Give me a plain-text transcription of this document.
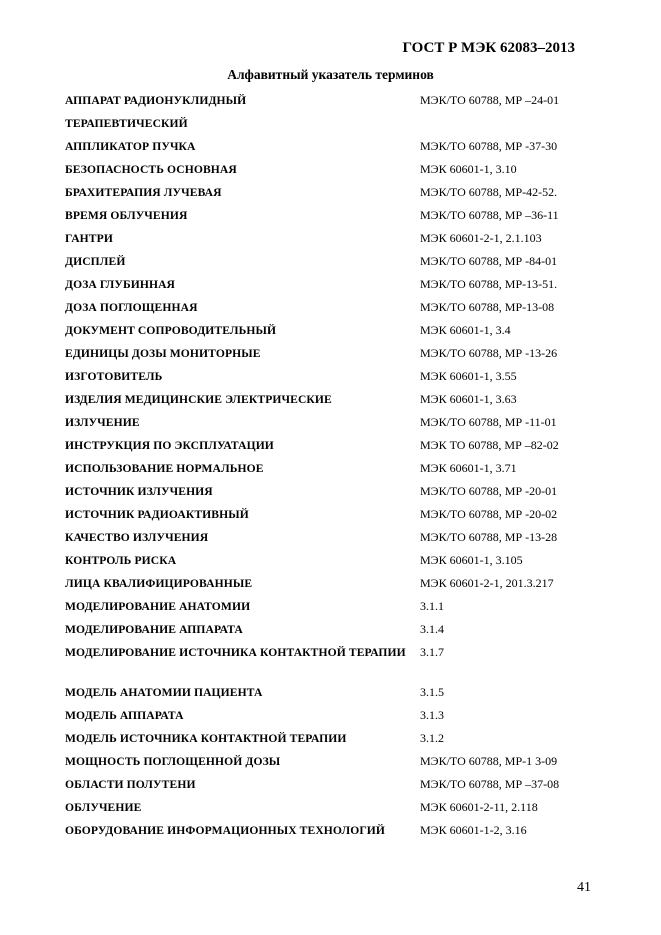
ГОСТ Р МЭК 62083–2013
Алфавитный указатель терминов
АППАРАТ РАДИОНУКЛИДНЫЙ	МЭК/ТО 60788, МР –24-01
ТЕРАПЕВТИЧЕСКИЙ
АППЛИКАТОР ПУЧКА	МЭК/ТО 60788, МР -37-30
БЕЗОПАСНОСТЬ ОСНОВНАЯ	МЭК 60601-1, 3.10
БРАХИТЕРАПИЯ ЛУЧЕВАЯ	МЭК/ТО 60788, МР-42-52.
ВРЕМЯ ОБЛУЧЕНИЯ	МЭК/ТО 60788, МР –36-11
ГАНТРИ	МЭК 60601-2-1, 2.1.103
ДИСПЛЕЙ	МЭК/ТО 60788, МР -84-01
ДОЗА ГЛУБИННАЯ	МЭК/ТО 60788, МР-13-51.
ДОЗА ПОГЛОЩЕННАЯ	МЭК/ТО 60788, МР-13-08
ДОКУМЕНТ СОПРОВОДИТЕЛЬНЫЙ	МЭК 60601-1, 3.4
ЕДИНИЦЫ ДОЗЫ МОНИТОРНЫЕ	МЭК/ТО 60788, МР -13-26
ИЗГОТОВИТЕЛЬ	МЭК 60601-1, 3.55
ИЗДЕЛИЯ МЕДИЦИНСКИЕ ЭЛЕКТРИЧЕСКИЕ	МЭК 60601-1, 3.63
ИЗЛУЧЕНИЕ	МЭК/ТО 60788, МР -11-01
ИНСТРУКЦИЯ ПО ЭКСПЛУАТАЦИИ	МЭК ТО 60788, МР –82-02
ИСПОЛЬЗОВАНИЕ НОРМАЛЬНОЕ	МЭК 60601-1, 3.71
ИСТОЧНИК ИЗЛУЧЕНИЯ	МЭК/ТО 60788, МР -20-01
ИСТОЧНИК РАДИОАКТИВНЫЙ	МЭК/ТО 60788, МР -20-02
КАЧЕСТВО ИЗЛУЧЕНИЯ	МЭК/ТО 60788, МР -13-28
КОНТРОЛЬ РИСКА	МЭК 60601-1, 3.105
ЛИЦА КВАЛИФИЦИРОВАННЫЕ	МЭК 60601-2-1, 201.3.217
МОДЕЛИРОВАНИЕ АНАТОМИИ	3.1.1
МОДЕЛИРОВАНИЕ АППАРАТА	3.1.4
МОДЕЛИРОВАНИЕ ИСТОЧНИКА КОНТАКТНОЙ ТЕРАПИИ	3.1.7
МОДЕЛЬ АНАТОМИИ ПАЦИЕНТА	3.1.5
МОДЕЛЬ АППАРАТА	3.1.3
МОДЕЛЬ ИСТОЧНИКА КОНТАКТНОЙ ТЕРАПИИ	3.1.2
МОЩНОСТЬ ПОГЛОЩЕННОЙ ДОЗЫ	МЭК/ТО 60788, МР-1 3-09
ОБЛАСТИ ПОЛУТЕНИ	МЭК/ТО 60788, МР –37-08
ОБЛУЧЕНИЕ	МЭК 60601-2-11, 2.118
ОБОРУДОВАНИЕ ИНФОРМАЦИОННЫХ ТЕХНОЛОГИЙ	МЭК 60601-1-2, 3.16
41
